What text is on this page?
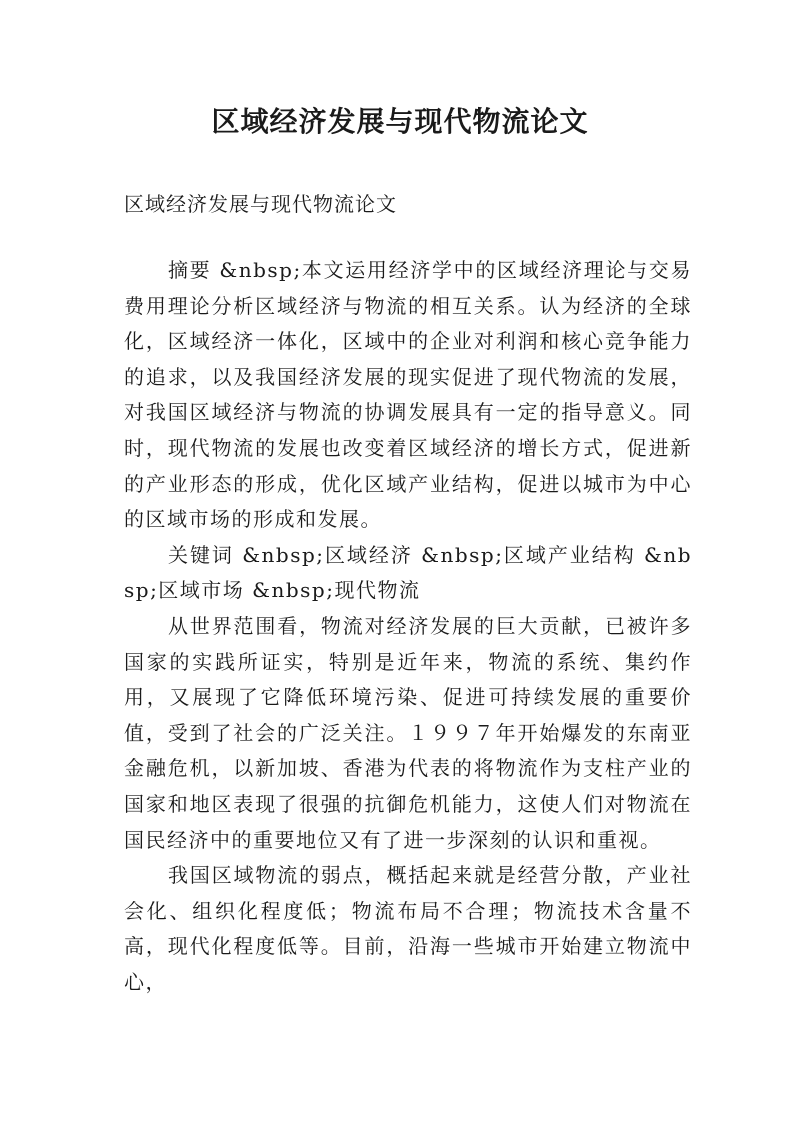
区域经济发展与现代物流论文

区域经济发展与现代物流论文

摘要 &nbsp;本文运用经济学中的区域经济理论与交易费用理论分析区域经济与物流的相互关系。认为经济的全球化，区域经济一体化，区域中的企业对利润和核心竞争能力的追求，以及我国经济发展的现实促进了现代物流的发展，对我国区域经济与物流的协调发展具有一定的指导意义。同时，现代物流的发展也改变着区域经济的增长方式，促进新的产业形态的形成，优化区域产业结构，促进以城市为中心的区域市场的形成和发展。

关键词 &nbsp;区域经济 &nbsp;区域产业结构 &nbsp;区域市场 &nbsp;现代物流

从世界范围看，物流对经济发展的巨大贡献，已被许多国家的实践所证实，特别是近年来，物流的系统、集约作用，又展现了它降低环境污染、促进可持续发展的重要价值，受到了社会的广泛关注。１９９７年开始爆发的东南亚金融危机，以新加坡、香港为代表的将物流作为支柱产业的国家和地区表现了很强的抗御危机能力，这使人们对物流在国民经济中的重要地位又有了进一步深刻的认识和重视。

我国区域物流的弱点，概括起来就是经营分散，产业社会化、组织化程度低；物流布局不合理；物流技术含量不高，现代化程度低等。目前，沿海一些城市开始建立物流中心，
